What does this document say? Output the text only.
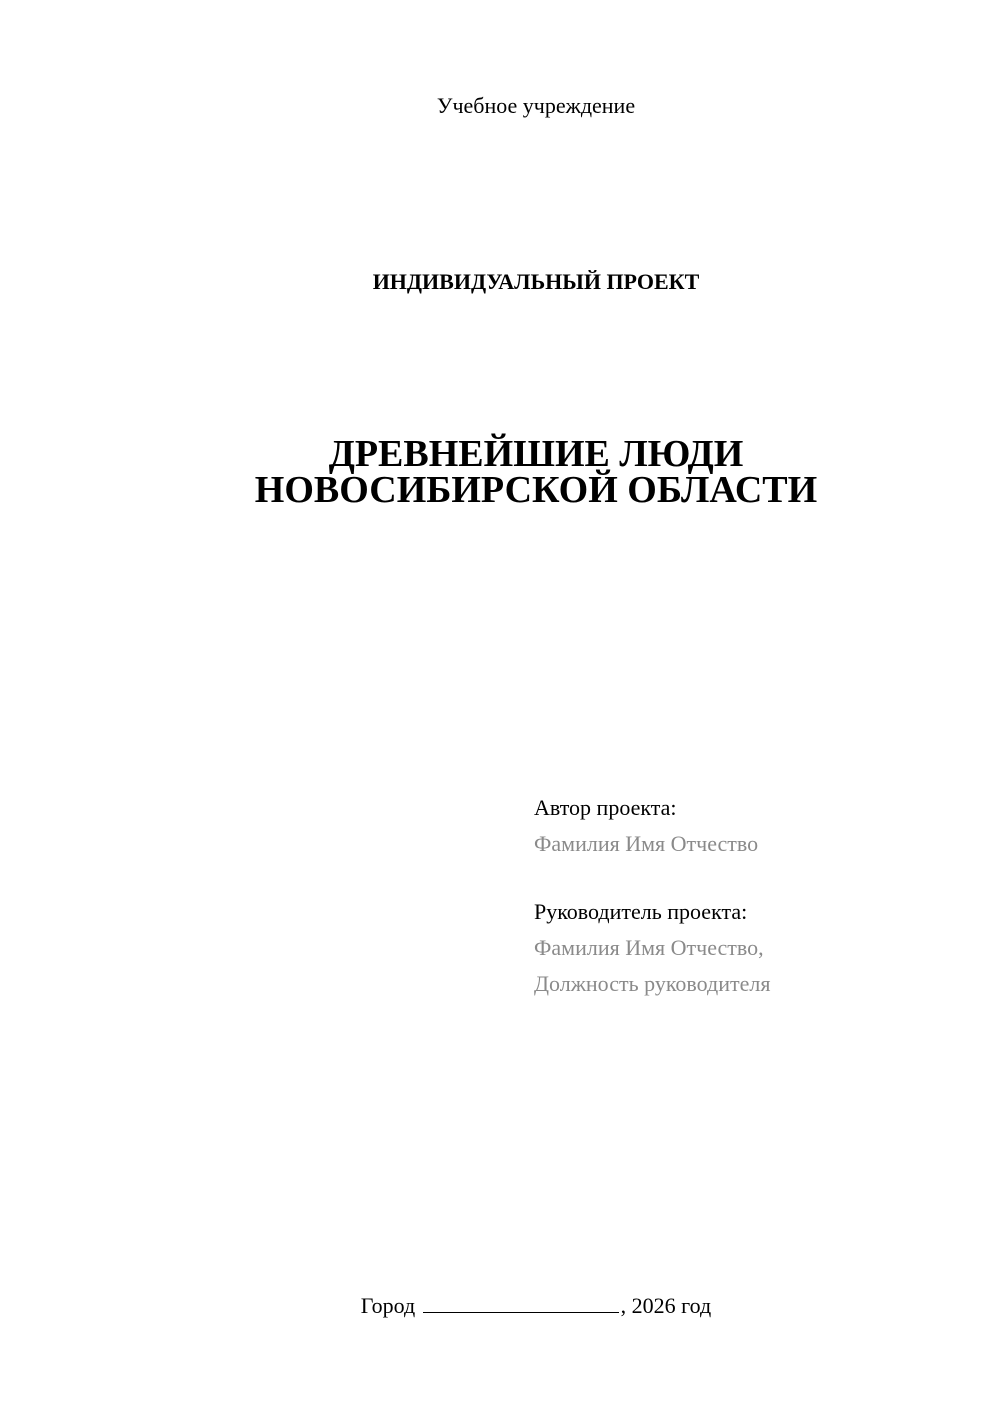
Учебное учреждение
ИНДИВИДУАЛЬНЫЙ ПРОЕКТ
ДРЕВНЕЙШИЕ ЛЮДИ
НОВОСИБИРСКОЙ ОБЛАСТИ
Автор проекта:
Фамилия Имя Отчество
Руководитель проекта:
Фамилия Имя Отчество,
Должность руководителя
Город	, 2026 год
